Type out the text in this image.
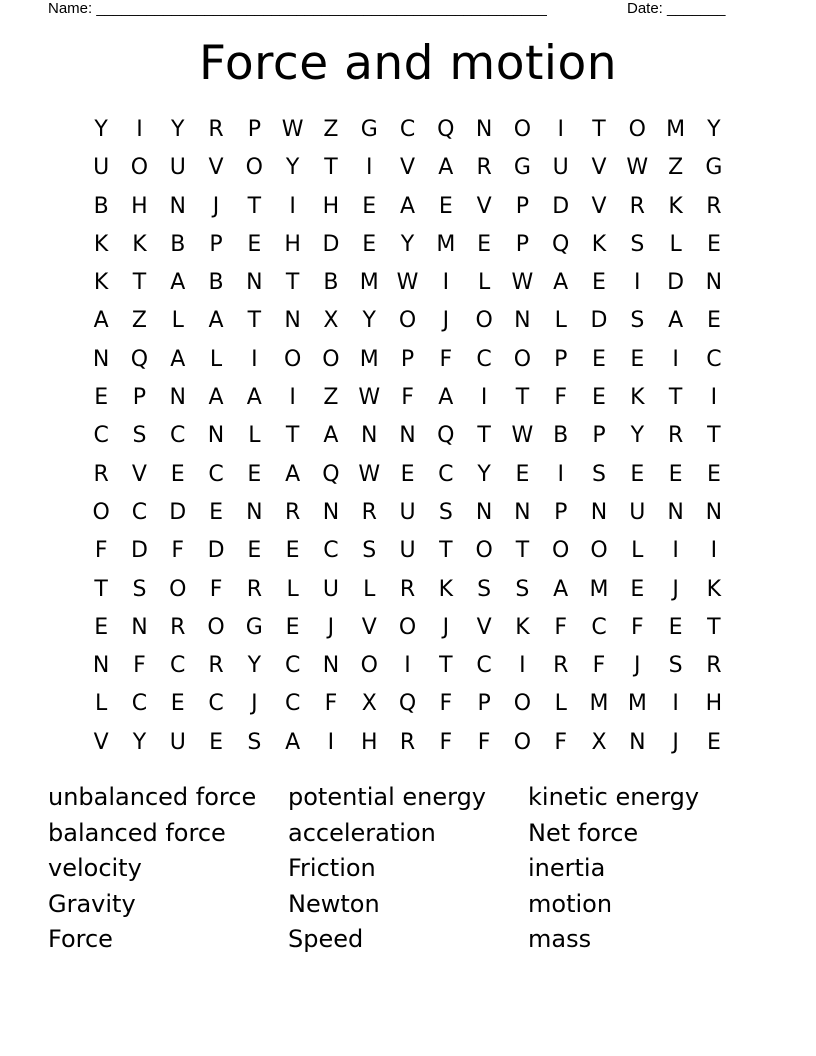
Name: ______________________________________________________	Date: _______
Force and motion
Y	I	Y	R	P W Z	G	C Q N O	I	T	O M	Y
U O U	V	O	Y	T	I	V	A	R	G U	V W Z	G
B	H N	J	T	I	H	E	A	E	V	P	D	V	R	K	R
K	K	B	P	E	H D	E	Y	M E	P	Q	K	S	L	E
K	T	A	B	N	T	B M W	I	L W A	E	I	D N
A	Z	L	A	T	N	X	Y	O	J	O N	L	D	S	A	E
N Q	A	L	I	O O M	P	F	C O	P	E	E	I	C
E	P	N	A	A	I	Z W F	A	I	T	F	E	K	T	I
C	S	C	N	L	T	A	N N Q	T W B	P	Y	R	T
R	V	E	C	E	A	Q W E	C	Y	E	I	S	E	E	E
O C	D	E	N	R	N	R	U	S	N N	P	N	U	N N
F	D	F	D	E	E	C	S	U	T	O	T	O O	L	I	I
T	S	O	F	R	L	U	L	R	K	S	S	A M E	J	K
E	N	R O G	E	J	V	O	J	V	K	F	C	F	E	T
N	F	C	R	Y	C	N O	I	T	C	I	R	F	J	S	R
L	C	E	C	J	C	F	X	Q	F	P	O	L	M M	I	H
V	Y	U	E	S	A	I	H	R	F	F	O	F	X	N	J	E
unbalanced force
balanced force
velocity
Gravity
Force
potential energy
acceleration
Friction
Newton
Speed
kinetic energy
Net force
inertia
motion
mass
